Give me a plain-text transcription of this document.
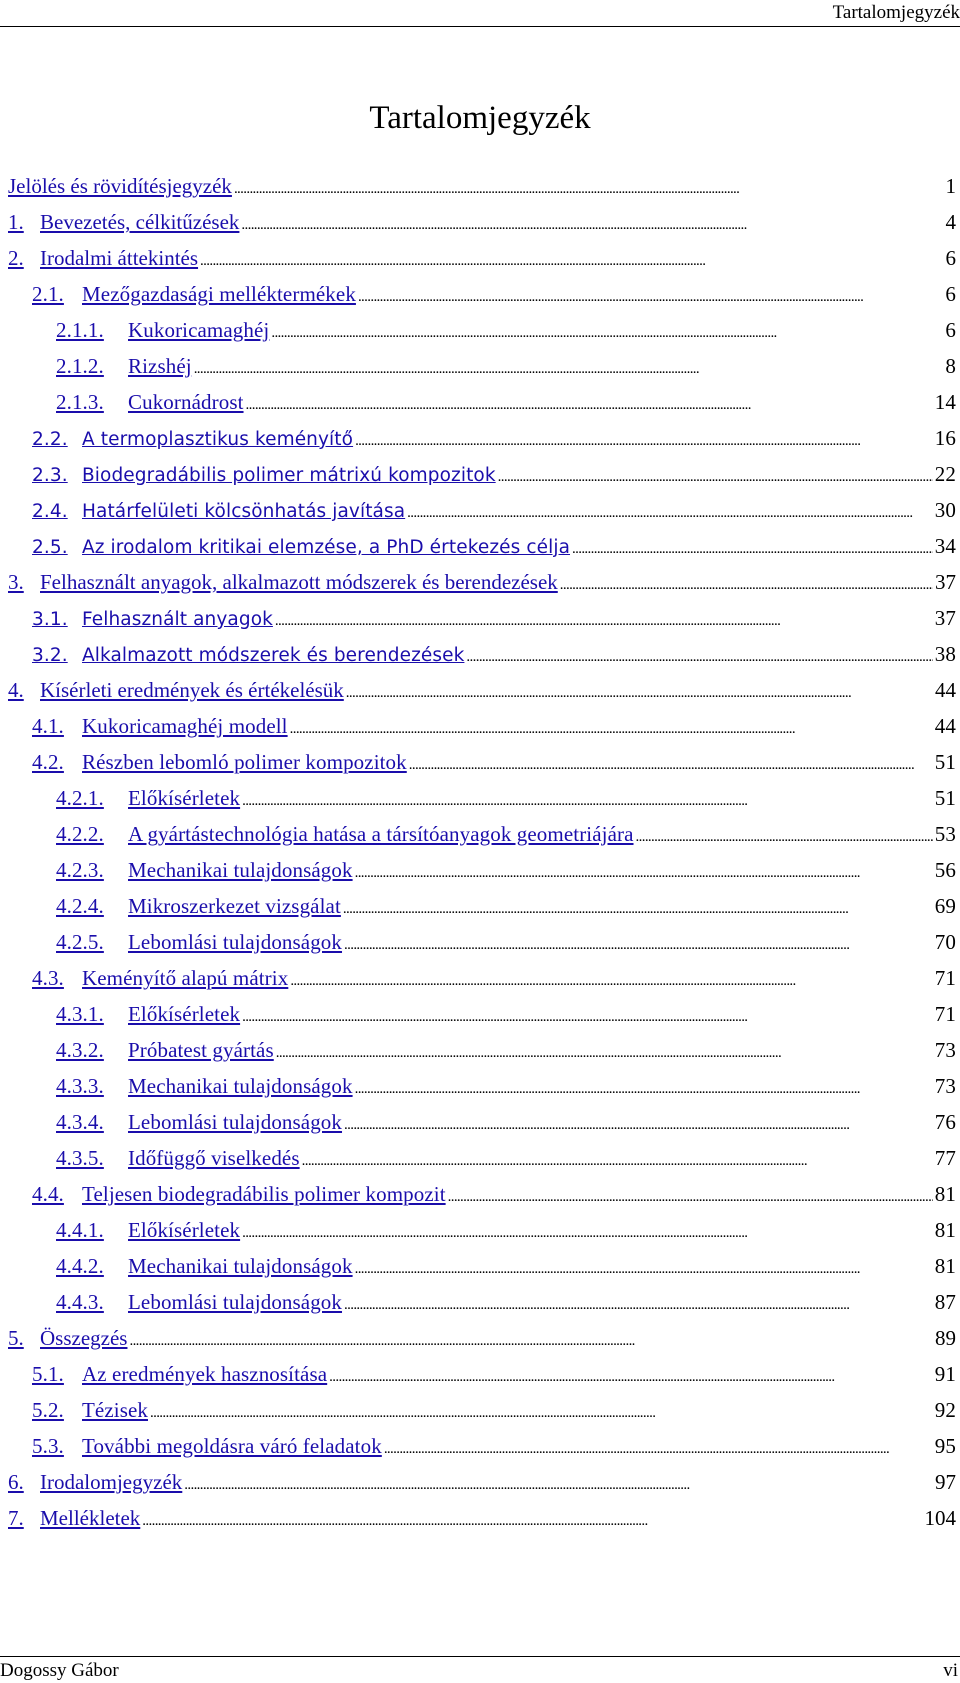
Tartalomjegyzék
Tartalomjegyzék
Jelölés és rövidítésjegyzék . . .	1
1. Bevezetés, célkitűzések . . .	4
2. Irodalmi áttekintés . . .	6
2.1. Mezőgazdasági melléktermékek . . .	6
2.1.1.	Kukoricamaghéj . . .	6
2.1.2.	Rizshéj . . .	8
2.1.3.	Cukornádrost . . .	14
2.2. A termoplasztikus keményítő . . .	16
2.3. Biodegradábilis polimer mátrixú kompozitok . . .	22
2.4. Határfelületi kölcsönhatás javítása . . .	30
2.5. Az irodalom kritikai elemzése, a PhD értekezés célja . . .	34
3. Felhasznált anyagok, alkalmazott módszerek és berendezések . . .	37
3.1. Felhasznált anyagok . . .	37
3.2. Alkalmazott módszerek és berendezések . . .	38
4. Kísérleti eredmények és értékelésük . . .	44
4.1. Kukoricamaghéj modell . . .	44
4.2. Részben lebomló polimer kompozitok . . .	51
4.2.1.	Előkísérletek . . .	51
4.2.2.	A gyártástechnológia hatása a társítóanyagok geometriájára . . .	53
4.2.3.	Mechanikai tulajdonságok . . .	56
4.2.4.	Mikroszerkezet vizsgálat . . .	69
4.2.5.	Lebomlási tulajdonságok . . .	70
4.3. Keményítő alapú mátrix . . .	71
4.3.1.	Előkísérletek . . .	71
4.3.2.	Próbatest gyártás . . .	73
4.3.3.	Mechanikai tulajdonságok . . .	73
4.3.4.	Lebomlási tulajdonságok . . .	76
4.3.5.	Időfüggő viselkedés . . .	77
4.4. Teljesen biodegradábilis polimer kompozit . . .	81
4.4.1.	Előkísérletek . . .	81
4.4.2.	Mechanikai tulajdonságok . . .	81
4.4.3.	Lebomlási tulajdonságok . . .	87
5. Összegzés . . .	89
5.1. Az eredmények hasznosítása . . .	91
5.2. Tézisek . . .	92
5.3. További megoldásra váró feladatok . . .	95
6. Irodalomjegyzék . . .	97
7. Mellékletek . . .	104
Dogossy Gábor	vi
